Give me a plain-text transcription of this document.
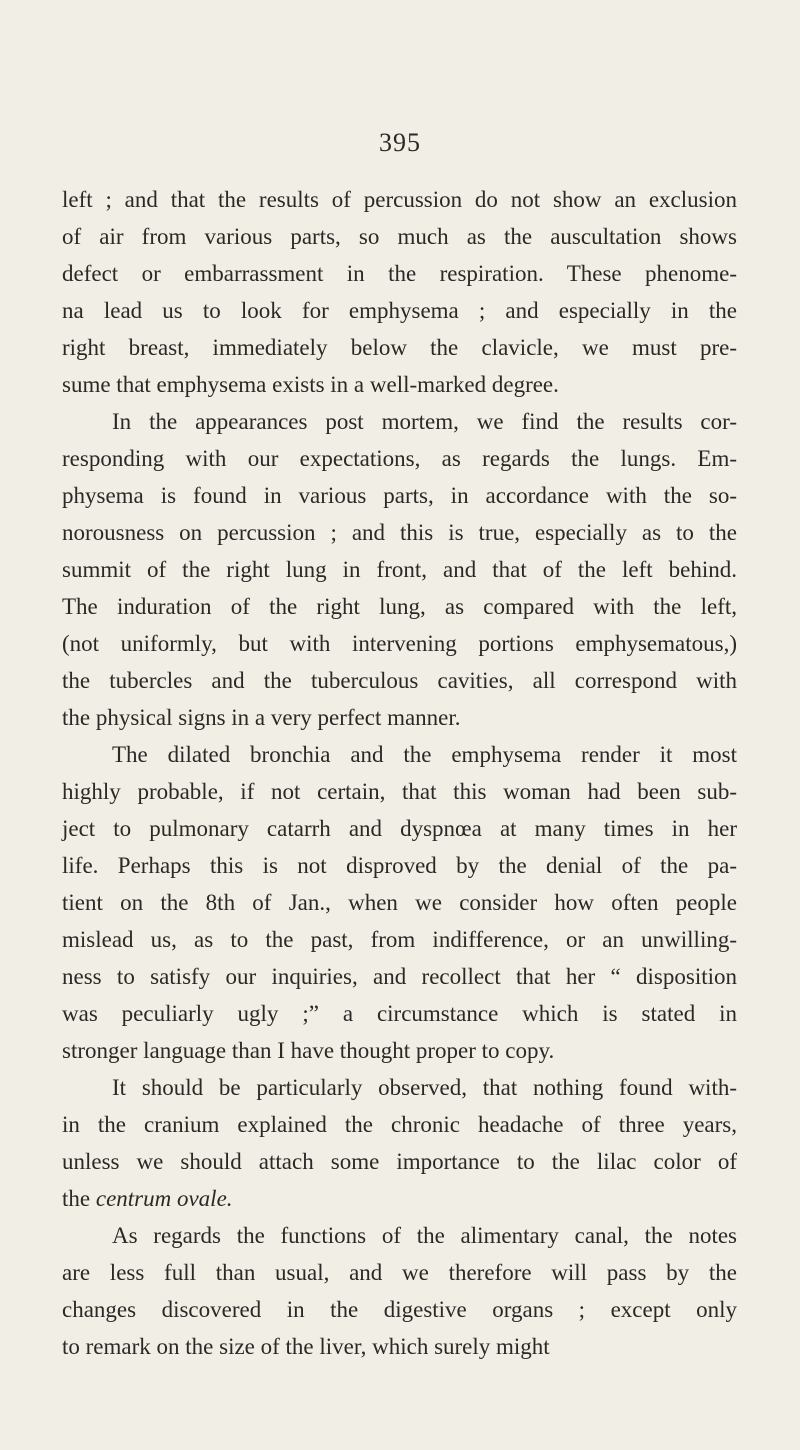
395
left ; and that the results of percussion do not show an exclusion
of air from various parts, so much as the auscultation shows
defect or embarrassment in the respiration. These phenome-
na lead us to look for emphysema ; and especially in the
right breast, immediately below the clavicle, we must pre-
sume that emphysema exists in a well-marked degree.
In the appearances post mortem, we find the results cor-
responding with our expectations, as regards the lungs. Em-
physema is found in various parts, in accordance with the so-
norousness on percussion ; and this is true, especially as to the
summit of the right lung in front, and that of the left behind.
The induration of the right lung, as compared with the left,
(not uniformly, but with intervening portions emphysematous,)
the tubercles and the tuberculous cavities, all correspond with
the physical signs in a very perfect manner.
The dilated bronchia and the emphysema render it most
highly probable, if not certain, that this woman had been sub-
ject to pulmonary catarrh and dyspnœa at many times in her
life. Perhaps this is not disproved by the denial of the pa-
tient on the 8th of Jan., when we consider how often people
mislead us, as to the past, from indifference, or an unwilling-
ness to satisfy our inquiries, and recollect that her “ disposition
was peculiarly ugly ;” a circumstance which is stated in
stronger language than I have thought proper to copy.
It should be particularly observed, that nothing found with-
in the cranium explained the chronic headache of three years,
unless we should attach some importance to the lilac color of
the centrum ovale.
As regards the functions of the alimentary canal, the notes
are less full than usual, and we therefore will pass by the
changes discovered in the digestive organs ; except only
to remark on the size of the liver, which surely might
